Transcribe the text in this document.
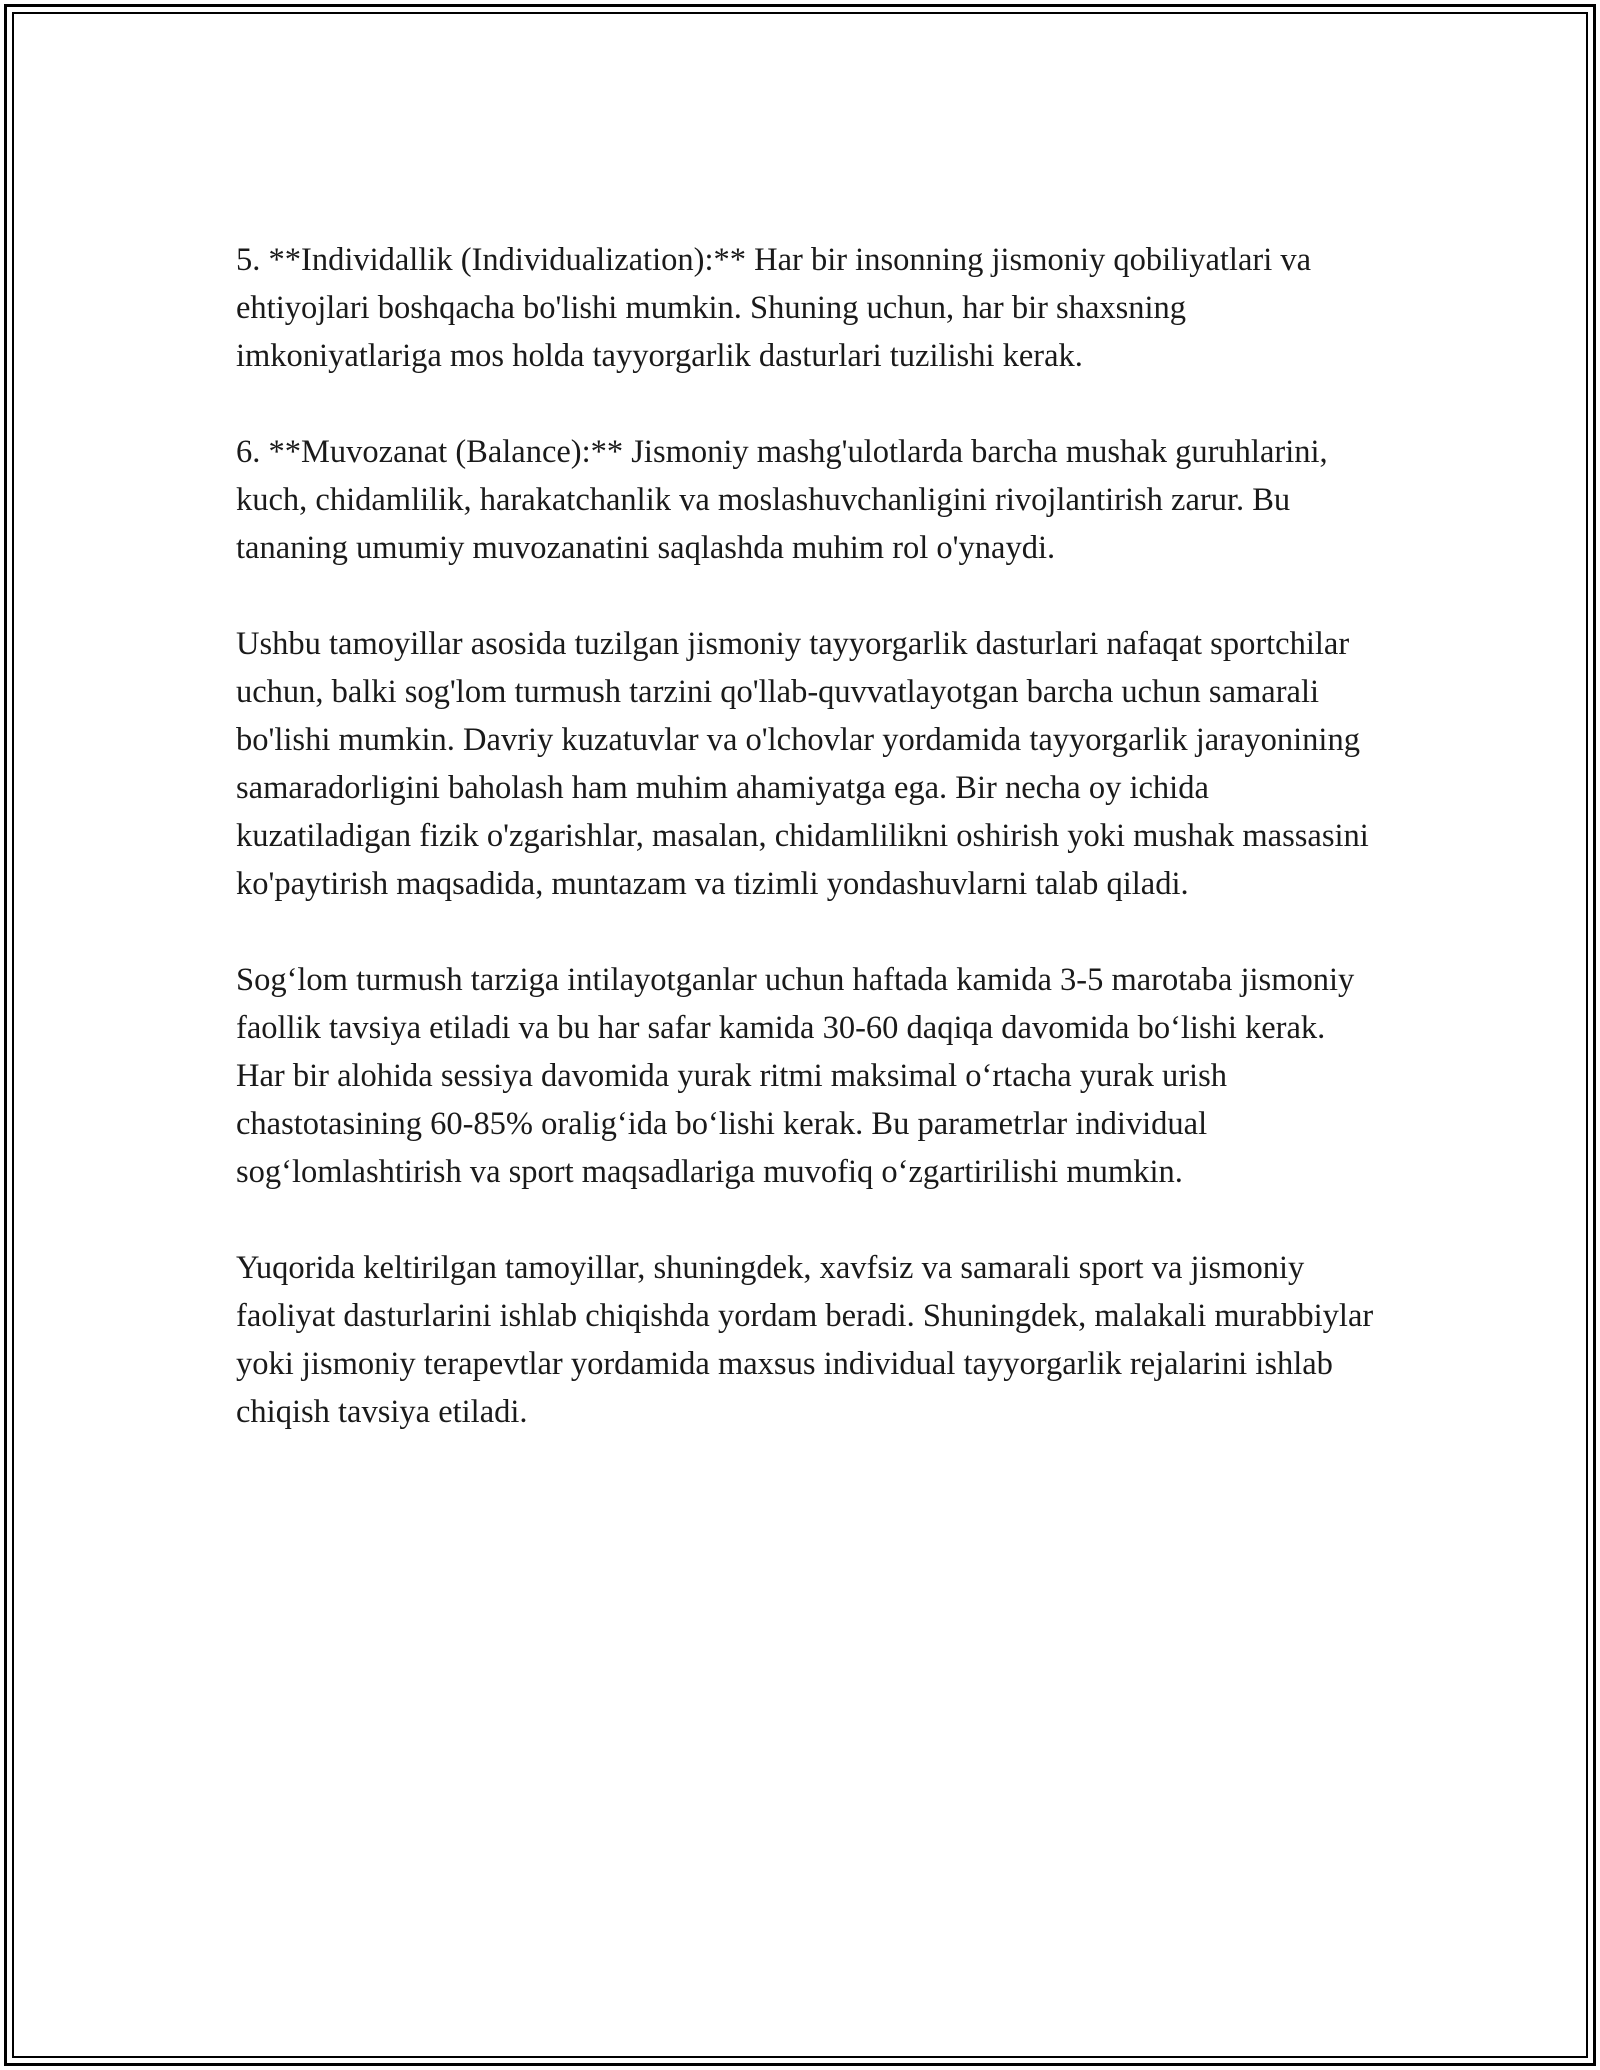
5. **Individallik (Individualization):** Har bir insonning jismoniy qobiliyatlari va ehtiyojlari boshqacha bo'lishi mumkin. Shuning uchun, har bir shaxsning imkoniyatlariga mos holda tayyorgarlik dasturlari tuzilishi kerak.

6. **Muvozanat (Balance):** Jismoniy mashg'ulotlarda barcha mushak guruhlarini, kuch, chidamlilik, harakatchanlik va moslashuvchanligini rivojlantirish zarur. Bu tananing umumiy muvozanatini saqlashda muhim rol o'ynaydi.

Ushbu tamoyillar asosida tuzilgan jismoniy tayyorgarlik dasturlari nafaqat sportchilar uchun, balki sog'lom turmush tarzini qo'llab-quvvatlayotgan barcha uchun samarali bo'lishi mumkin. Davriy kuzatuvlar va o'lchovlar yordamida tayyorgarlik jarayonining samaradorligini baholash ham muhim ahamiyatga ega. Bir necha oy ichida kuzatiladigan fizik o'zgarishlar, masalan, chidamlilikni oshirish yoki mushak massasini ko'paytirish maqsadida, muntazam va tizimli yondashuvlarni talab qiladi.

Sog‘lom turmush tarziga intilayotganlar uchun haftada kamida 3-5 marotaba jismoniy faollik tavsiya etiladi va bu har safar kamida 30-60 daqiqa davomida bo‘lishi kerak. Har bir alohida sessiya davomida yurak ritmi maksimal o‘rtacha yurak urish chastotasining 60-85% oralig‘ida bo‘lishi kerak. Bu parametrlar individual sog‘lomlashtirish va sport maqsadlariga muvofiq o‘zgartirilishi mumkin.

Yuqorida keltirilgan tamoyillar, shuningdek, xavfsiz va samarali sport va jismoniy faoliyat dasturlarini ishlab chiqishda yordam beradi. Shuningdek, malakali murabbiylar yoki jismoniy terapevtlar yordamida maxsus individual tayyorgarlik rejalarini ishlab chiqish tavsiya etiladi.
